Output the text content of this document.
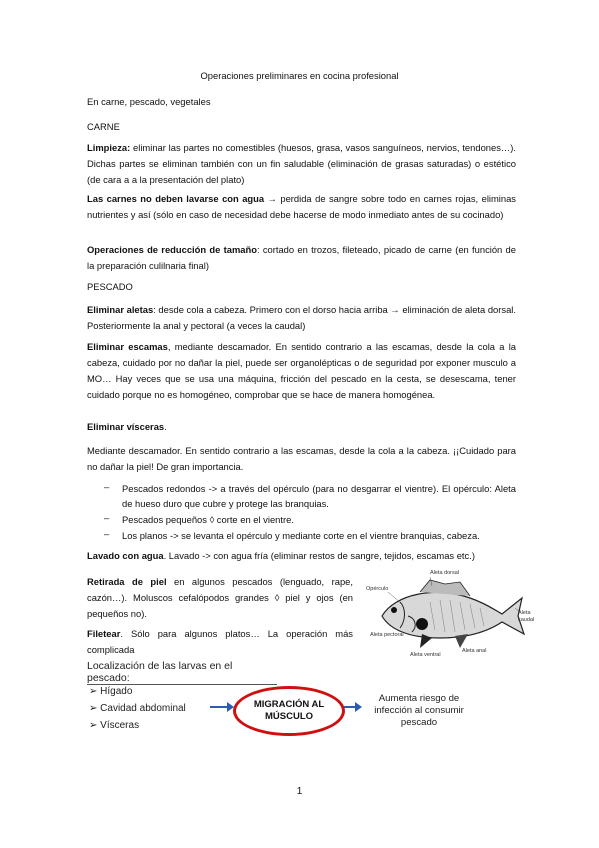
Operaciones preliminares en cocina profesional

En carne, pescado, vegetales

CARNE

Limpieza: eliminar las partes no comestibles (huesos, grasa, vasos sanguíneos, nervios, tendones…). Dichas partes se eliminan también con un fin saludable (eliminación de grasas saturadas) o estético (de cara a a la presentación del plato)

Las carnes no deben lavarse con agua → perdida de sangre sobre todo en carnes rojas, eliminas nutrientes y así (sólo en caso de necesidad debe hacerse de modo inmediato antes de su cocinado)

Operaciones de reducción de tamaño: cortado en trozos, fileteado, picado de carne (en función de la preparación culilnaria final)

PESCADO

Eliminar aletas: desde cola a cabeza. Primero con el dorso hacia arriba → eliminación de aleta dorsal. Posteriormente la anal y pectoral (a veces la caudal)

Eliminar escamas, mediante descamador. En sentido contrario a las escamas, desde la cola a la cabeza, cuidado por no dañar la piel, puede ser organolépticas o de seguridad por exponer musculo a MO… Hay veces que se usa una máquina, fricción del pescado en la cesta, se desescama, tener cuidado porque no es homogéneo, comprobar que se hace de manera homogénea.

Eliminar vísceras.

Mediante descamador. En sentido contrario a las escamas, desde la cola a la cabeza. ¡¡Cuidado para no dañar la piel! De gran importancia.

– Pescados redondos -> a través del opérculo (para no desgarrar el vientre). El opérculo: Aleta de hueso duro que cubre y protege las branquias.

– Pescados pequeños ◊ corte en el vientre.

– Los planos -> se levanta el opérculo y mediante corte en el vientre branquias, cabeza.

Lavado con agua. Lavado -> con agua fría (eliminar restos de sangre, tejidos, escamas etc.)

Retirada de piel en algunos pescados (lenguado, rape, cazón…). Moluscos cefalópodos grandes ◊ piel y ojos (en pequeños no).

Filetear. Sólo para algunos platos… La operación más complicada

Aleta dorsal
Opérculo
Aleta
caudal
Aleta pectoral
Aleta ventral
Aleta anal
Localización de las larvas en el pescado:
➢ Hígado
➢ Cavidad abdominal
➢ Vísceras
MIGRACIÓN AL
MÚSCULO
Aumenta riesgo de
infección al consumir
pescado
1
